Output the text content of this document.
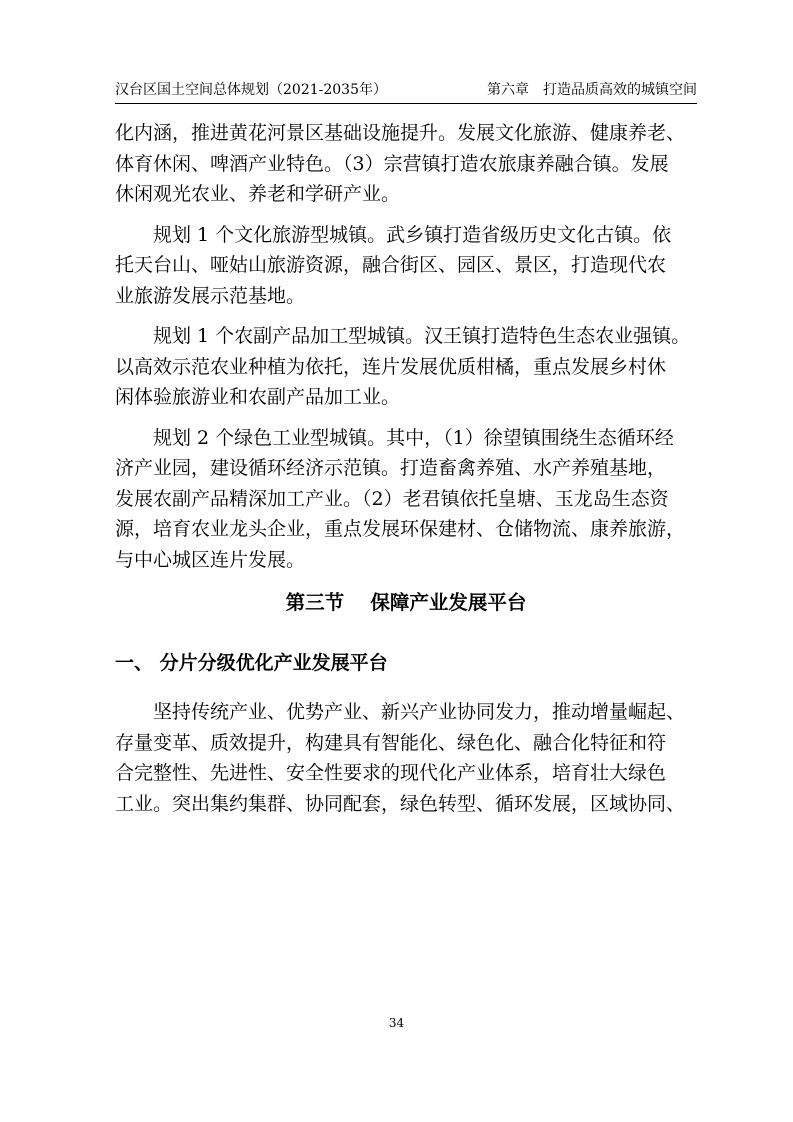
汉台区国土空间总体规划（2021-2035年）	第六章　打造品质高效的城镇空间

化内涵，推进黄花河景区基础设施提升。发展文化旅游、健康养老、
体育休闲、啤酒产业特色。（3）宗营镇打造农旅康养融合镇。发展
休闲观光农业、养老和学研产业。

　　规划 1 个文化旅游型城镇。武乡镇打造省级历史文化古镇。依
托天台山、哑姑山旅游资源，融合街区、园区、景区，打造现代农
业旅游发展示范基地。

　　规划 1 个农副产品加工型城镇。汉王镇打造特色生态农业强镇。
以高效示范农业种植为依托，连片发展优质柑橘，重点发展乡村休
闲体验旅游业和农副产品加工业。

　　规划 2 个绿色工业型城镇。其中，（1）徐望镇围绕生态循环经
济产业园，建设循环经济示范镇。打造畜禽养殖、水产养殖基地，
发展农副产品精深加工产业。（2）老君镇依托皇塘、玉龙岛生态资
源，培育农业龙头企业，重点发展环保建材、仓储物流、康养旅游，
与中心城区连片发展。

第三节　 保障产业发展平台
一、 分片分级优化产业发展平台

　　坚持传统产业、优势产业、新兴产业协同发力，推动增量崛起、
存量变革、质效提升，构建具有智能化、绿色化、融合化特征和符
合完整性、先进性、安全性要求的现代化产业体系，培育壮大绿色
工业。突出集约集群、协同配套，绿色转型、循环发展，区域协同、

34
